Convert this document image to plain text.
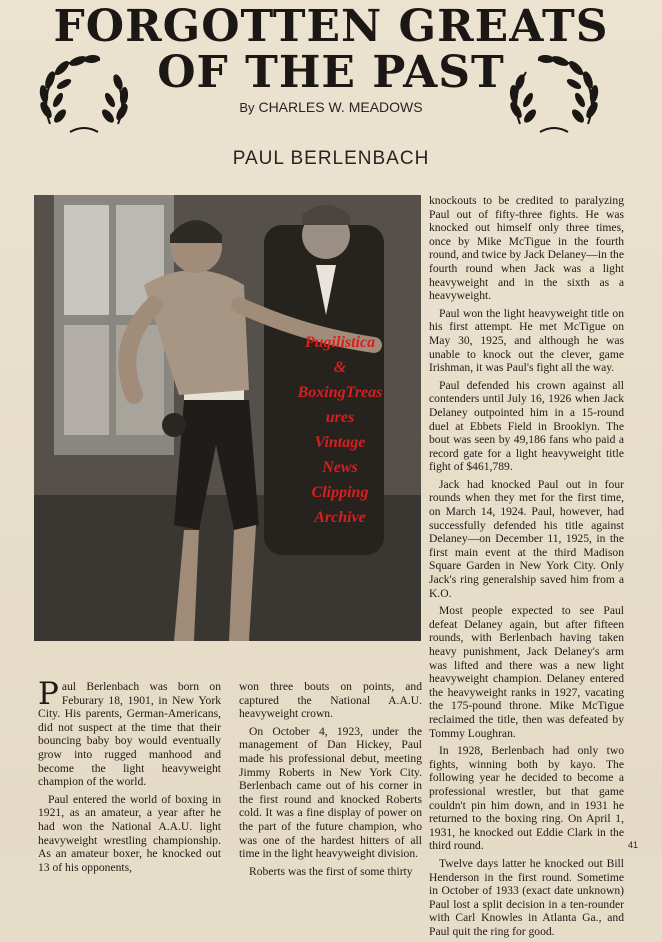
FORGOTTEN GREATS
OF THE PAST
By CHARLES W. MEADOWS
PAUL BERLENBACH
Pugilistica
&
BoxingTreas
ures
Vintage
News
Clipping
Archive

Paul Berlenbach was born on Feburary 18, 1901, in New York City. His parents, German-Americans, did not suspect at the time that their bouncing baby boy would eventually grow into rugged manhood and become the light heavyweight champion of the world.

Paul entered the world of boxing in 1921, as an amateur, a year after he had won the National A.A.U. light heavyweight wrestling championship. As an amateur boxer, he knocked out 13 of his opponents,

won three bouts on points, and captured the National A.A.U. heavyweight crown.

On October 4, 1923, under the management of Dan Hickey, Paul made his professional debut, meeting Jimmy Roberts in New York City. Berlenbach came out of his corner in the first round and knocked Roberts cold. It was a fine display of power on the part of the future champion, who was one of the hardest hitters of all time in the light heavyweight division.

Roberts was the first of some thirty

knockouts to be credited to paralyzing Paul out of fifty-three fights. He was knocked out himself only three times, once by Mike McTigue in the fourth round, and twice by Jack Delaney—in the fourth round when Jack was a light heavyweight and in the sixth as a heavyweight.

Paul won the light heavyweight title on his first attempt. He met McTigue on May 30, 1925, and although he was unable to knock out the clever, game Irishman, it was Paul's fight all the way.

Paul defended his crown against all contenders until July 16, 1926 when Jack Delaney outpointed him in a 15-round duel at Ebbets Field in Brooklyn. The bout was seen by 49,186 fans who paid a record gate for a light heavyweight title fight of $461,789.

Jack had knocked Paul out in four rounds when they met for the first time, on March 14, 1924. Paul, however, had successfully defended his title against Delaney—on December 11, 1925, in the first main event at the third Madison Square Garden in New York City. Only Jack's ring generalship saved him from a K.O.

Most people expected to see Paul defeat Delaney again, but after fifteen rounds, with Berlenbach having taken heavy punishment, Jack Delaney's arm was lifted and there was a new light heavyweight champion. Delaney entered the heavyweight ranks in 1927, vacating the 175-pound throne. Mike McTigue reclaimed the title, then was defeated by Tommy Loughran.

In 1928, Berlenbach had only two fights, winning both by kayo. The following year he decided to become a professional wrestler, but that game couldn't pin him down, and in 1931 he returned to the boxing ring. On April 1, 1931, he knocked out Eddie Clark in the third round.

Twelve days latter he knocked out Bill Henderson in the first round. Sometime in October of 1933 (exact date unknown) Paul lost a split decision in a ten-rounder with Carl Knowles in Atlanta Ga., and Paul quit the ring for good.

41
